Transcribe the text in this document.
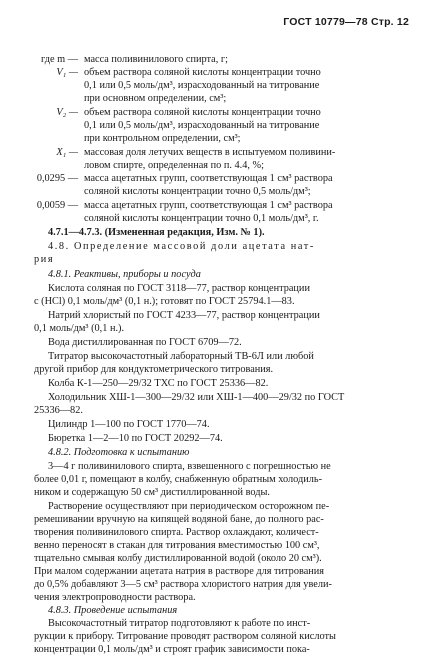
ГОСТ 10779—78 Стр. 12
где m — масса поливинилового спирта, г;
V₁ — объем раствора соляной кислоты концентрации точно
0,1 или 0,5 моль/дм³, израсходованный на титрование
при основном определении, см³;
V₂ — объем раствора соляной кислоты концентрации точно
0,1 или 0,5 моль/дм³, израсходованный на титрование
при контрольном определении, см³;
X₁ — массовая доля летучих веществ в испытуемом поливини-
ловом спирте, определенная по п. 4.4, %;
0,0295 — масса ацетатных групп, соответствующая 1 см³ раствора
соляной кислоты концентрации точно 0,5 моль/дм³;
0,0059 — масса ацетатных групп, соответствующая 1 см³ раствора
соляной кислоты концентрации точно 0,1 моль/дм³, г.
4.7.1—4.7.3. (Измененная редакция, Изм. № 1).
4.8. Определение массовой доли ацетата нат-
рия
4.8.1. Реактивы, приборы и посуда
Кислота соляная по ГОСТ 3118—77, раствор концентрации
с (HCl) 0,1 моль/дм³ (0,1 н.); готовят по ГОСТ 25794.1—83.
Натрий хлористый по ГОСТ 4233—77, раствор концентрации
0,1 моль/дм³ (0,1 н.).
Вода дистиллированная по ГОСТ 6709—72.
Титратор высокочастотный лабораторный ТВ-6Л или любой
другой прибор для кондуктометрического титрования.
Колба К-1—250—29/32 ТХС по ГОСТ 25336—82.
Холодильник ХШ-1—300—29/32 или ХШ-1—400—29/32 по ГОСТ
25336—82.
Цилиндр 1—100 по ГОСТ 1770—74.
Бюретка 1—2—10 по ГОСТ 20292—74.
4.8.2. Подготовка к испытанию
3—4 г поливинилового спирта, взвешенного с погрешностью не
более 0,01 г, помещают в колбу, снабженную обратным холодиль-
ником и содержащую 50 см³ дистиллированной воды.
Растворение осуществляют при периодическом осторожном пе-
ремешивании вручную на кипящей водяной бане, до полного рас-
творения поливинилового спирта. Раствор охлаждают, количест-
венно переносят в стакан для титрования вместимостью 100 см³,
тщательно смывая колбу дистиллированной водой (около 20 см³).
При малом содержании ацетата натрия в растворе для титрования
до 0,5% добавляют 3—5 см³ раствора хлористого натрия для увели-
чения электропроводности раствора.
4.8.3. Проведение испытания
Высокочастотный титратор подготовляют к работе по инст-
рукции к прибору. Титрование проводят раствором соляной кислоты
концентрации 0,1 моль/дм³ и строят график зависимости пока-
